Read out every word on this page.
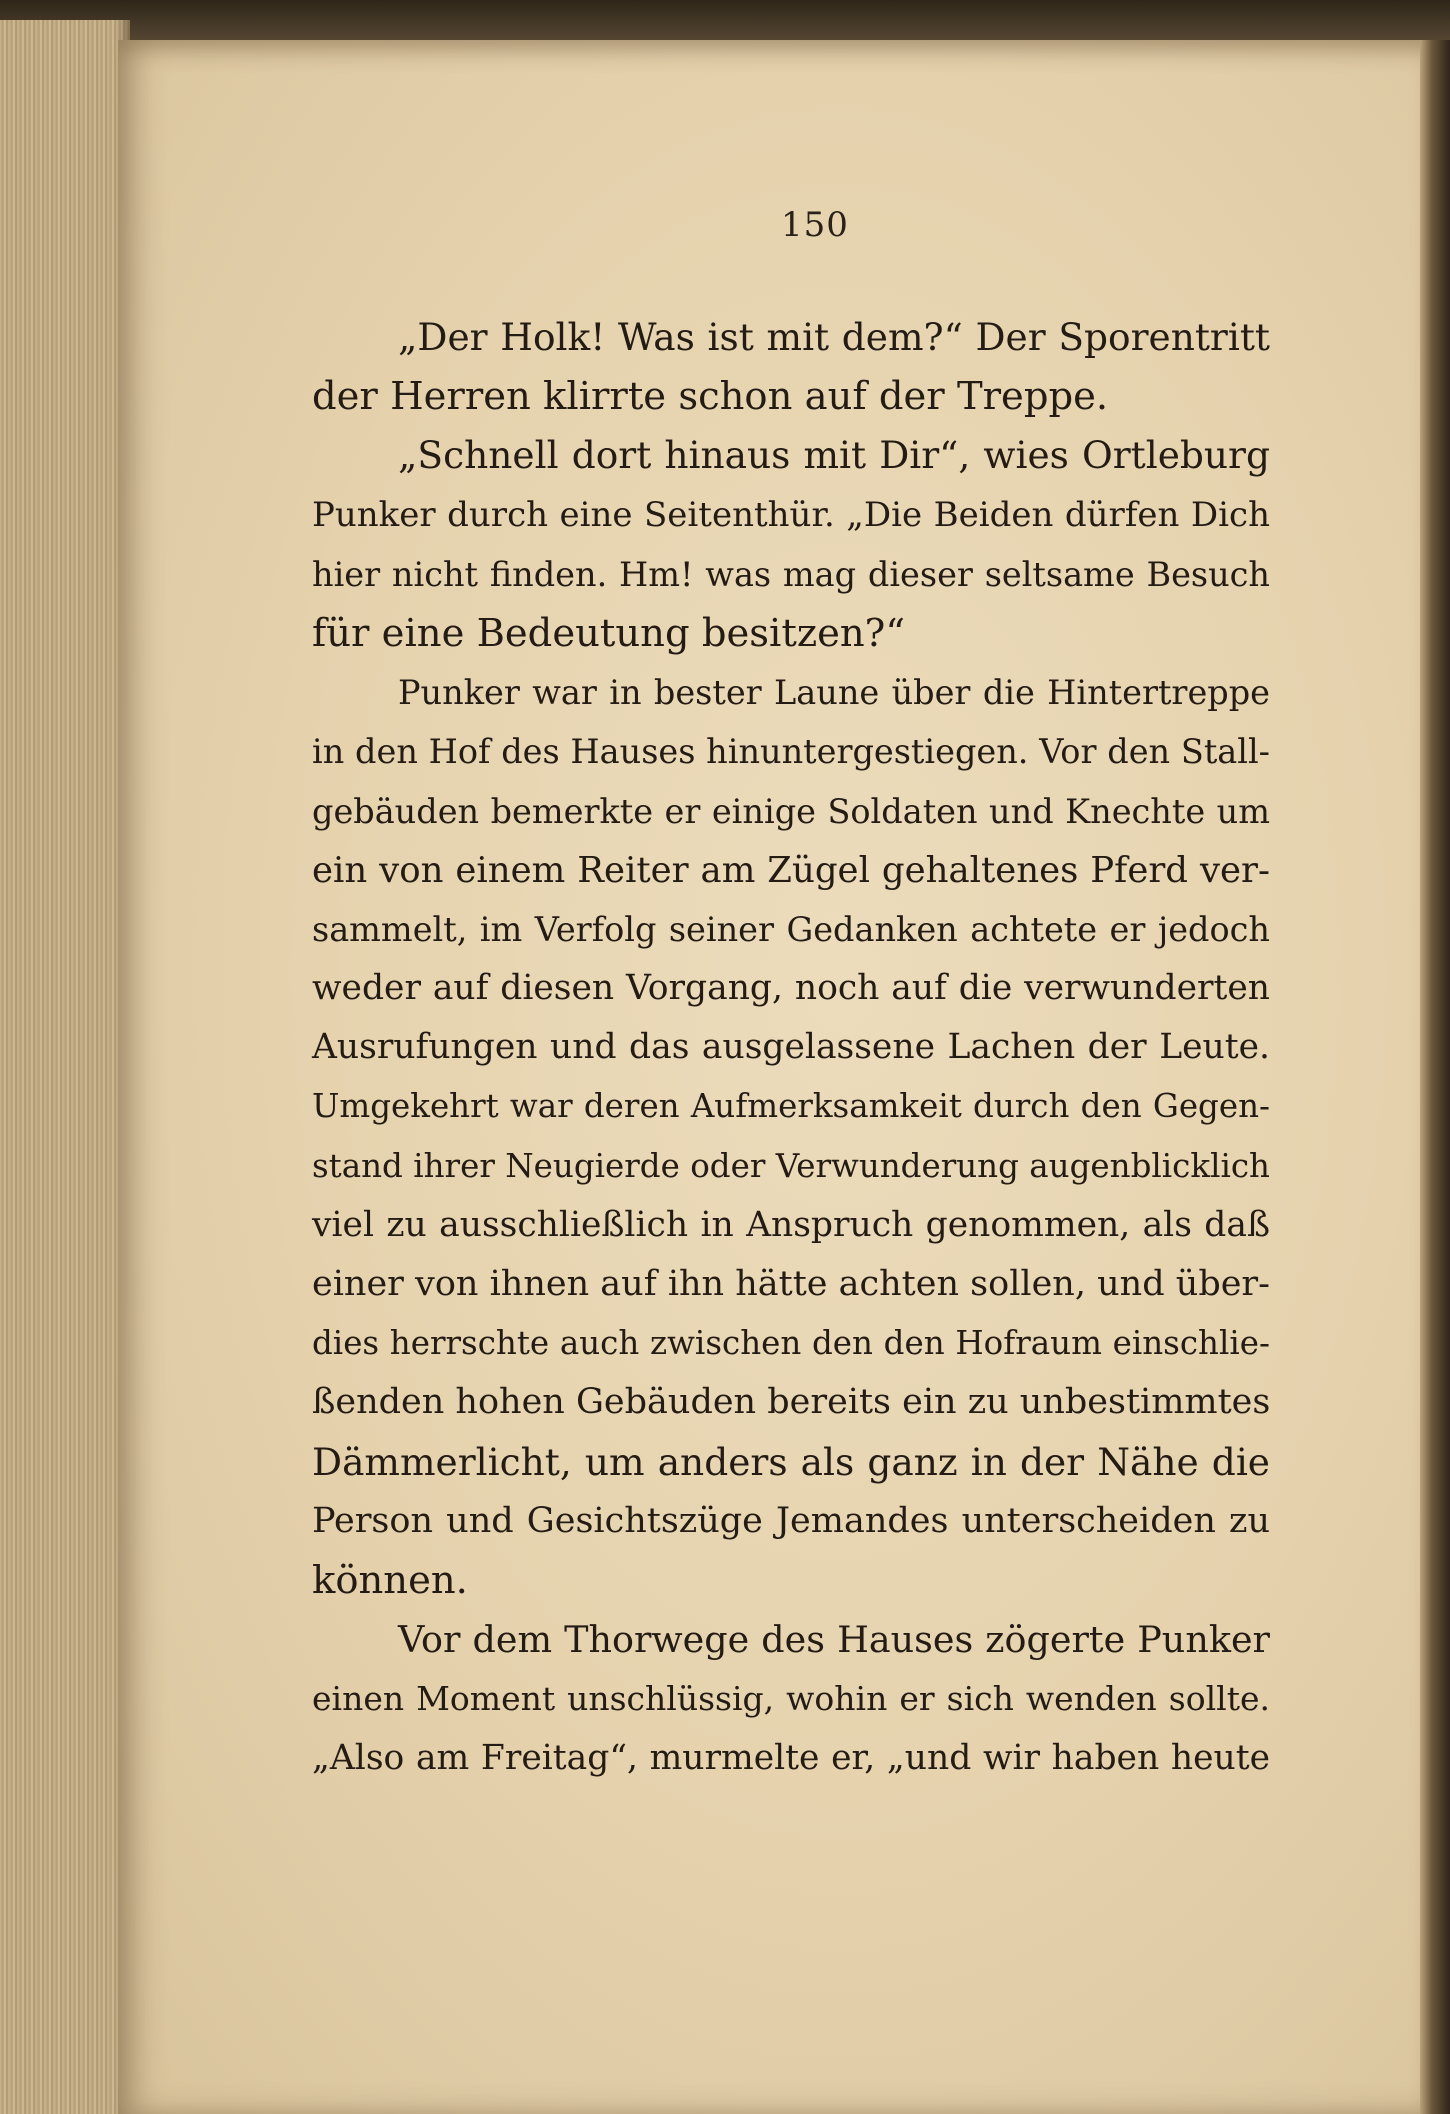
150
„Der Holk! Was ist mit dem?“ Der Sporentritt
der Herren klirrte schon auf der Treppe.
„Schnell dort hinaus mit Dir“, wies Ortleburg
Punker durch eine Seitenthür. „Die Beiden dürfen Dich
hier nicht finden. Hm! was mag dieser seltsame Besuch
für eine Bedeutung besitzen?“
Punker war in bester Laune über die Hintertreppe
in den Hof des Hauses hinuntergestiegen. Vor den Stall-
gebäuden bemerkte er einige Soldaten und Knechte um
ein von einem Reiter am Zügel gehaltenes Pferd ver-
sammelt, im Verfolg seiner Gedanken achtete er jedoch
weder auf diesen Vorgang, noch auf die verwunderten
Ausrufungen und das ausgelassene Lachen der Leute.
Umgekehrt war deren Aufmerksamkeit durch den Gegen-
stand ihrer Neugierde oder Verwunderung augenblicklich
viel zu ausschließlich in Anspruch genommen, als daß
einer von ihnen auf ihn hätte achten sollen, und über-
dies herrschte auch zwischen den den Hofraum einschlie-
ßenden hohen Gebäuden bereits ein zu unbestimmtes
Dämmerlicht, um anders als ganz in der Nähe die
Person und Gesichtszüge Jemandes unterscheiden zu
können.
Vor dem Thorwege des Hauses zögerte Punker
einen Moment unschlüssig, wohin er sich wenden sollte.
„Also am Freitag“, murmelte er, „und wir haben heute
